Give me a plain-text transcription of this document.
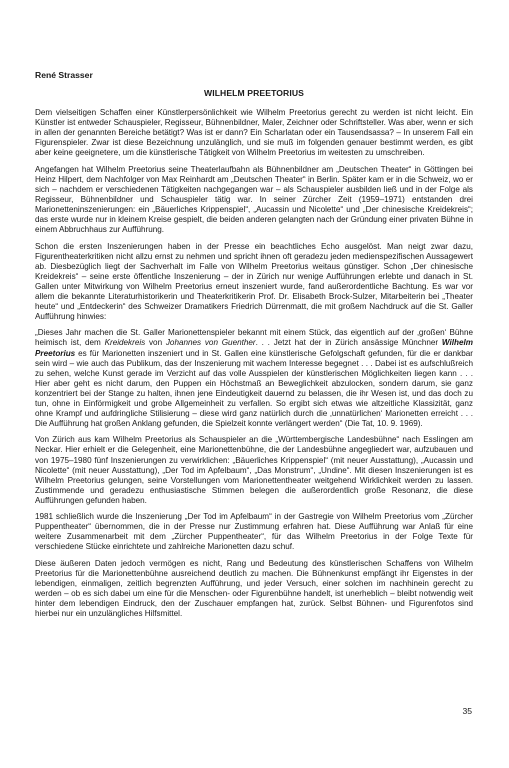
René Strasser
WILHELM PREETORIUS

Dem vielseitigen Schaffen einer Künstlerpersönlichkeit wie Wilhelm Preetorius gerecht zu werden ist nicht leicht. Ein Künstler ist entweder Schauspieler, Regisseur, Bühnenbildner, Maler, Zeichner oder Schriftsteller. Was aber, wenn er sich in allen der genannten Bereiche betätigt? Was ist er dann? Ein Scharlatan oder ein Tausendsassa? – In unserem Fall ein Figurenspieler. Zwar ist diese Bezeichnung unzulänglich, und sie muß im folgenden genauer bestimmt werden, es gibt aber keine geeignetere, um die künstlerische Tätigkeit von Wilhelm Preetorius im weitesten zu umschreiben.

Angefangen hat Wilhelm Preetorius seine Theaterlaufbahn als Bühnenbildner am „Deutschen Theater“ in Göttingen bei Heinz Hilpert, dem Nachfolger von Max Reinhardt am „Deutschen Theater“ in Berlin. Später kam er in die Schweiz, wo er sich – nachdem er verschiedenen Tätigkeiten nachgegangen war – als Schauspieler ausbilden ließ und in der Folge als Regisseur, Bühnenbildner und Schauspieler tätig war. In seiner Zürcher Zeit (1959–1971) entstanden drei Marionetteninszenierungen: ein „Bäuerliches Krippenspiel“, „Aucassin und Nicolette“ und „Der chinesische Kreidekreis“; das erste wurde nur in kleinem Kreise gespielt, die beiden anderen gelangten nach der Gründung einer privaten Bühne in einem Abbruchhaus zur Aufführung.

Schon die ersten Inszenierungen haben in der Presse ein beachtliches Echo ausgelöst. Man neigt zwar dazu, Figurentheaterkritiken nicht allzu ernst zu nehmen und spricht ihnen oft geradezu jeden medienspezifischen Aussagewert ab. Diesbezüglich liegt der Sachverhalt im Falle von Wilhelm Preetorius weitaus günstiger. Schon „Der chinesische Kreidekreis“ – seine erste öffentliche Inszenierung – der in Zürich nur wenige Aufführungen erlebte und danach in St. Gallen unter Mitwirkung von Wilhelm Preetorius erneut inszeniert wurde, fand außerordentliche Bachtung. Es war vor allem die bekannte Literaturhistorikerin und Theaterkritikerin Prof. Dr. Elisabeth Brock-Sulzer, Mitarbeiterin bei „Theater heute“ und „Entdeckerin“ des Schweizer Dramatikers Friedrich Dürrenmatt, die mit großem Nachdruck auf die St. Galler Aufführung hinwies:

„Dieses Jahr machen die St. Galler Marionettenspieler bekannt mit einem Stück, das eigentlich auf der ‚großen‘ Bühne heimisch ist, dem Kreidekreis von Johannes von Guenther. . . Jetzt hat der in Zürich ansässige Münchner Wilhelm Preetorius es für Marionetten inszeniert und in St. Gallen eine künstlerische Gefolgschaft gefunden, für die er dankbar sein wird – wie auch das Publikum, das der Inszenierung mit wachem Interesse begegnet . . . Dabei ist es aufschlußreich zu sehen, welche Kunst gerade im Verzicht auf das volle Ausspielen der künstlerischen Möglichkeiten liegen kann . . . Hier aber geht es nicht darum, den Puppen ein Höchstmaß an Beweglichkeit abzulocken, sondern darum, sie ganz konzentriert bei der Stange zu halten, ihnen jene Eindeutigkeit dauernd zu belassen, die ihr Wesen ist, und das doch zu tun, ohne in Einförmigkeit und grobe Allgemeinheit zu verfallen. So ergibt sich etwas wie altzeitliche Klassizität, ganz ohne Krampf und aufdringliche Stilisierung – diese wird ganz natürlich durch die ‚unnatürlichen‘ Marionetten erreicht . . . Die Aufführung hat großen Anklang gefunden, die Spielzeit konnte verlängert werden“ (Die Tat, 10. 9. 1969).

Von Zürich aus kam Wilhelm Preetorius als Schauspieler an die „Württembergische Landesbühne“ nach Esslingen am Neckar. Hier erhielt er die Gelegenheit, eine Marionettenbühne, die der Landesbühne angegliedert war, aufzubauen und von 1975–1980 fünf Inszenierungen zu verwirklichen: „Bäuerliches Krippenspiel“ (mit neuer Ausstattung), „Aucassin und Nicolette“ (mit neuer Ausstattung), „Der Tod im Apfelbaum“, „Das Monstrum“, „Undine“. Mit diesen Inszenierungen ist es Wilhelm Preetorius gelungen, seine Vorstellungen vom Marionettentheater weitgehend Wirklichkeit werden zu lassen. Zustimmende und geradezu enthusiastische Stimmen belegen die außerordentlich große Resonanz, die diese Aufführungen gefunden haben.

1981 schließlich wurde die Inszenierung „Der Tod im Apfelbaum“ in der Gastregie von Wilhelm Preetorius vom „Zürcher Puppentheater“ übernommen, die in der Presse nur Zustimmung erfahren hat. Diese Aufführung war Anlaß für eine weitere Zusammenarbeit mit dem „Zürcher Puppentheater“, für das Wilhelm Preetorius in der Folge Texte für verschiedene Stücke einrichtete und zahlreiche Marionetten dazu schuf.

Diese äußeren Daten jedoch vermögen es nicht, Rang und Bedeutung des künstlerischen Schaffens von Wilhelm Preetorius für die Marionettenbühne ausreichend deutlich zu machen. Die Bühnenkunst empfängt ihr Eigenstes in der lebendigen, einmaligen, zeitlich begrenzten Aufführung, und jeder Versuch, einer solchen im nachhinein gerecht zu werden – ob es sich dabei um eine für die Menschen- oder Figurenbühne handelt, ist unerheblich – bleibt notwendig weit hinter dem lebendigen Eindruck, den der Zuschauer empfangen hat, zurück. Selbst Bühnen- und Figurenfotos sind hierbei nur ein unzulängliches Hilfsmittel.

35
